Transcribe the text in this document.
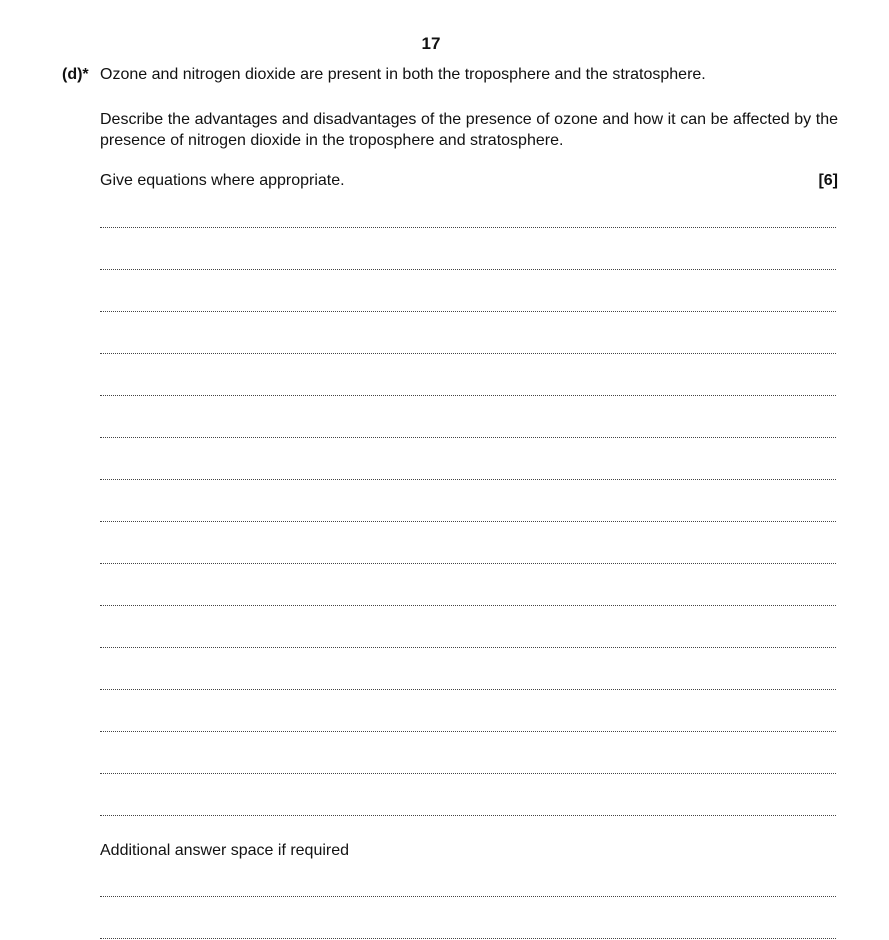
17
(d)* Ozone and nitrogen dioxide are present in both the troposphere and the stratosphere.
Describe the advantages and disadvantages of the presence of ozone and how it can be affected by the presence of nitrogen dioxide in the troposphere and stratosphere.
Give equations where appropriate.	[6]
Additional answer space if required
